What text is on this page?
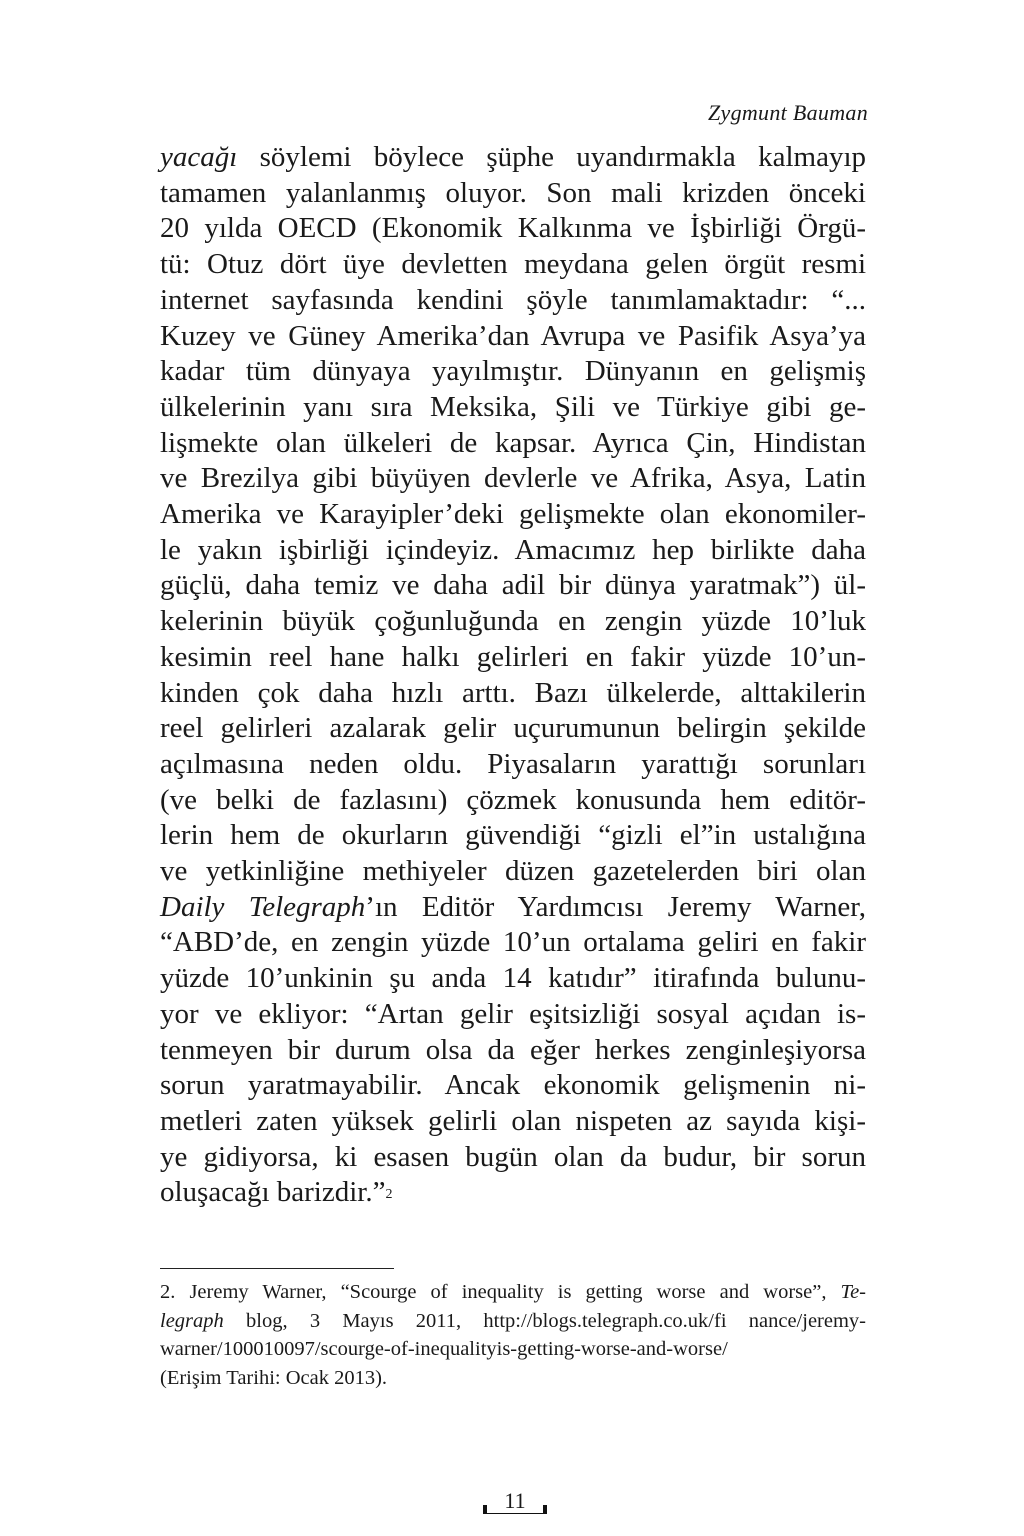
Zygmunt Bauman
yacağı söylemi böylece şüphe uyandırmakla kalmayıp
tamamen yalanlanmış oluyor. Son mali krizden önceki
20 yılda OECD (Ekonomik Kalkınma ve İşbirliği Örgü-
tü: Otuz dört üye devletten meydana gelen örgüt resmi
internet sayfasında kendini şöyle tanımlamaktadır: “...
Kuzey ve Güney Amerika’dan Avrupa ve Pasifik Asya’ya
kadar tüm dünyaya yayılmıştır. Dünyanın en gelişmiş
ülkelerinin yanı sıra Meksika, Şili ve Türkiye gibi ge-
lişmekte olan ülkeleri de kapsar. Ayrıca Çin, Hindistan
ve Brezilya gibi büyüyen devlerle ve Afrika, Asya, Latin
Amerika ve Karayipler’deki gelişmekte olan ekonomiler-
le yakın işbirliği içindeyiz. Amacımız hep birlikte daha
güçlü, daha temiz ve daha adil bir dünya yaratmak”) ül-
kelerinin büyük çoğunluğunda en zengin yüzde 10’luk
kesimin reel hane halkı gelirleri en fakir yüzde 10’un-
kinden çok daha hızlı arttı. Bazı ülkelerde, alttakilerin
reel gelirleri azalarak gelir uçurumunun belirgin şekilde
açılmasına neden oldu. Piyasaların yarattığı sorunları
(ve belki de fazlasını) çözmek konusunda hem editör-
lerin hem de okurların güvendiği “gizli el”in ustalığına
ve yetkinliğine methiyeler düzen gazetelerden biri olan
Daily Telegraph’ın Editör Yardımcısı Jeremy Warner,
“ABD’de, en zengin yüzde 10’un ortalama geliri en fakir
yüzde 10’unkinin şu anda 14 katıdır” itirafında bulunu-
yor ve ekliyor: “Artan gelir eşitsizliği sosyal açıdan is-
tenmeyen bir durum olsa da eğer herkes zenginleşiyorsa
sorun yaratmayabilir. Ancak ekonomik gelişmenin ni-
metleri zaten yüksek gelirli olan nispeten az sayıda kişi-
ye gidiyorsa, ki esasen bugün olan da budur, bir sorun
oluşacağı barizdir.”$^2$
2. Jeremy Warner, “Scourge of inequality is getting worse and worse”, Te-
legraph blog, 3 Mayıs 2011, http://blogs.telegraph.co.uk/fi nance/jeremy-
warner/100010097/scourge-of-inequalityis-getting-worse-and-worse/
(Erişim Tarihi: Ocak 2013).
11
